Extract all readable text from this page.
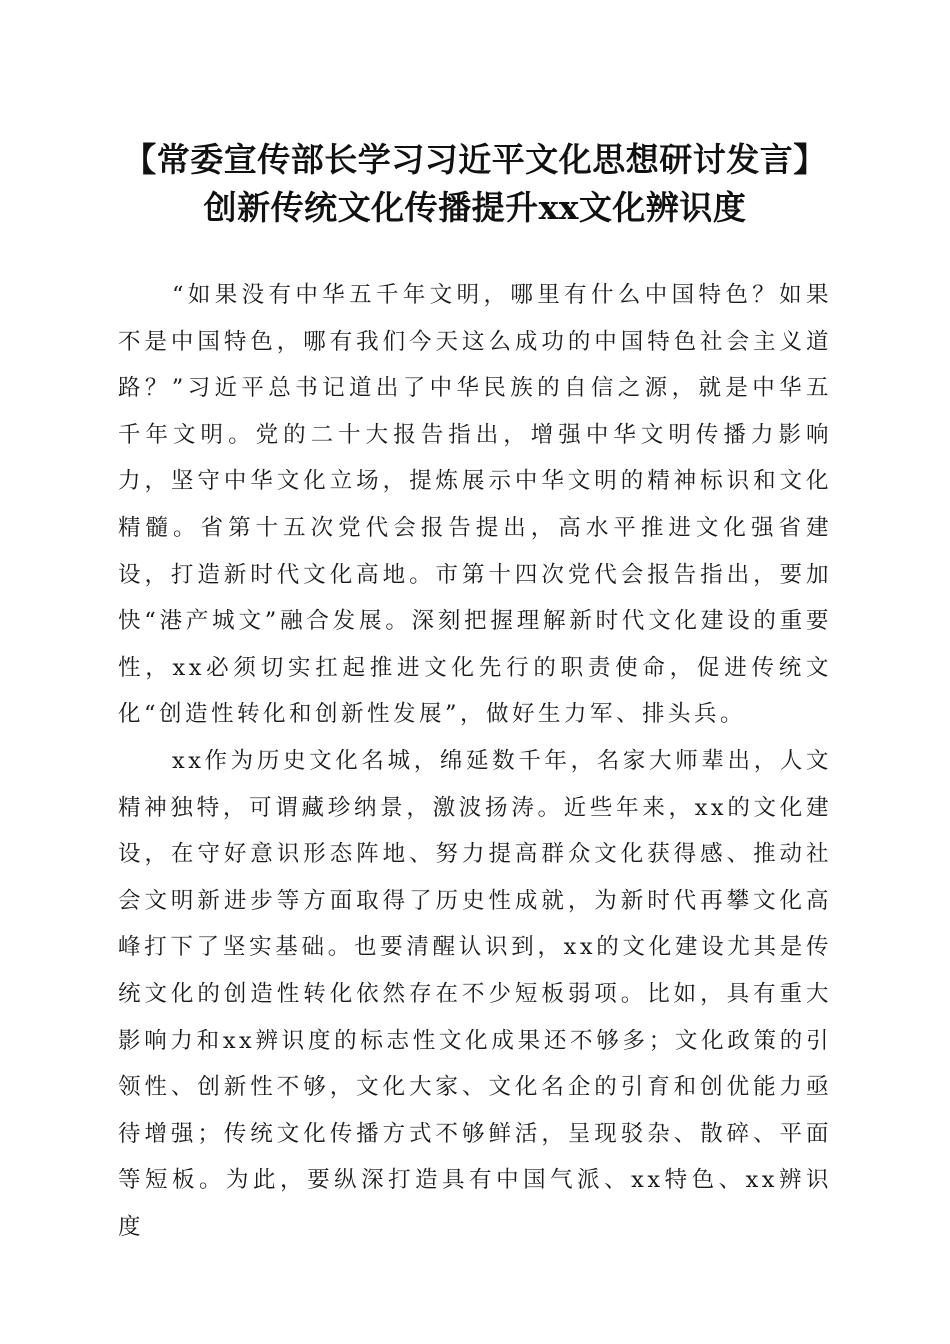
【常委宣传部长学习习近平文化思想研讨发言】创新传统文化传播提升xx文化辨识度

“如果没有中华五千年文明，哪里有什么中国特色？如果不是中国特色，哪有我们今天这么成功的中国特色社会主义道路？”习近平总书记道出了中华民族的自信之源，就是中华五千年文明。党的二十大报告指出，增强中华文明传播力影响力，坚守中华文化立场，提炼展示中华文明的精神标识和文化精髓。省第十五次党代会报告提出，高水平推进文化强省建设，打造新时代文化高地。市第十四次党代会报告指出，要加快“港产城文”融合发展。深刻把握理解新时代文化建设的重要性，xx必须切实扛起推进文化先行的职责使命，促进传统文化“创造性转化和创新性发展”，做好生力军、排头兵。

xx作为历史文化名城，绵延数千年，名家大师辈出，人文精神独特，可谓藏珍纳景，激波扬涛。近些年来，xx的文化建设，在守好意识形态阵地、努力提高群众文化获得感、推动社会文明新进步等方面取得了历史性成就，为新时代再攀文化高峰打下了坚实基础。也要清醒认识到，xx的文化建设尤其是传统文化的创造性转化依然存在不少短板弱项。比如，具有重大影响力和xx辨识度的标志性文化成果还不够多；文化政策的引领性、创新性不够，文化大家、文化名企的引育和创优能力亟待增强；传统文化传播方式不够鲜活，呈现驳杂、散碎、平面等短板。为此，要纵深打造具有中国气派、xx特色、xx辨识度
